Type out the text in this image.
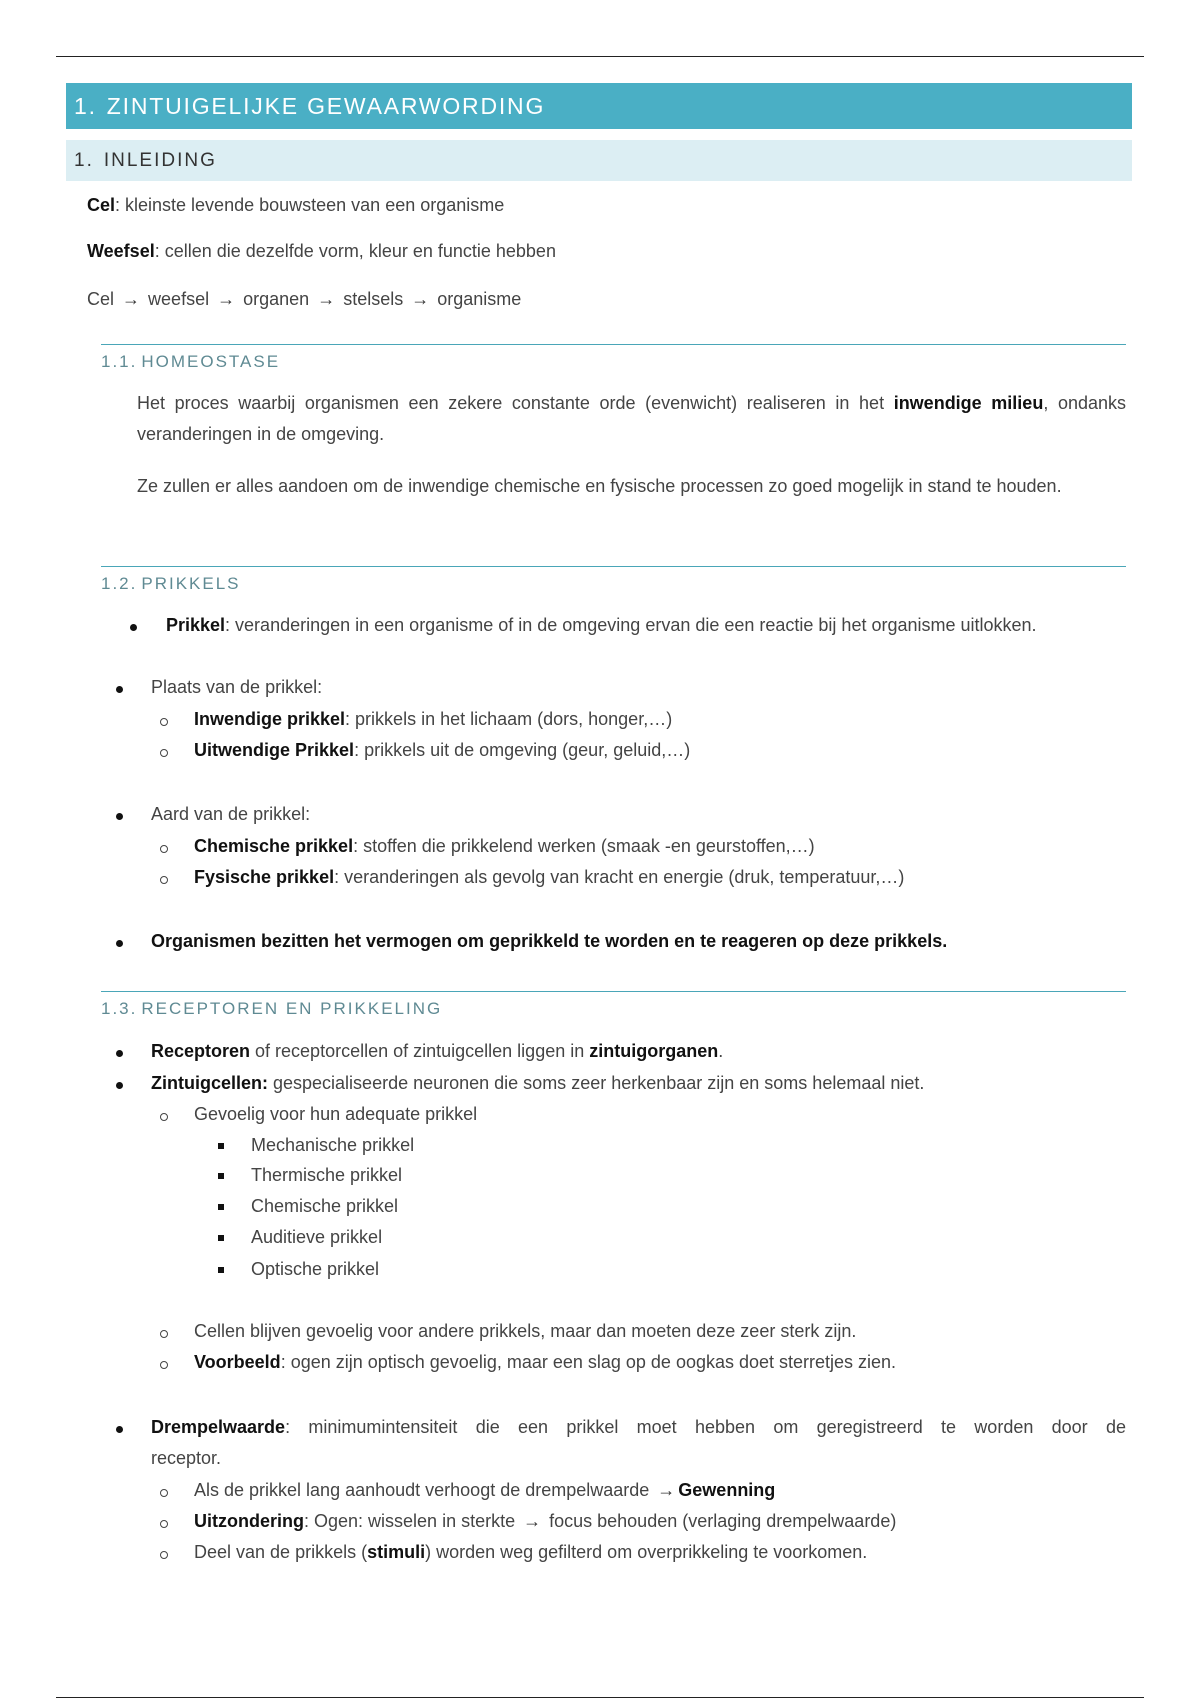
1. ZINTUIGELIJKE GEWAARWORDING
1. INLEIDING
Cel: kleinste levende bouwsteen van een organisme
Weefsel: cellen die dezelfde vorm, kleur en functie hebben
Cel → weefsel → organen → stelsels → organisme
1.1. HOMEOSTASE
Het proces waarbij organismen een zekere constante orde (evenwicht) realiseren in het inwendige milieu, ondanks veranderingen in de omgeving.
Ze zullen er alles aandoen om de inwendige chemische en fysische processen zo goed mogelijk in stand te houden.
1.2. PRIKKELS
Prikkel: veranderingen in een organisme of in de omgeving ervan die een reactie bij het organisme uitlokken.
Plaats van de prikkel:
Inwendige prikkel: prikkels in het lichaam (dors, honger,…)
Uitwendige Prikkel: prikkels uit de omgeving (geur, geluid,…)
Aard van de prikkel:
Chemische prikkel: stoffen die prikkelend werken (smaak -en geurstoffen,…)
Fysische prikkel: veranderingen als gevolg van kracht en energie (druk, temperatuur,…)
Organismen bezitten het vermogen om geprikkeld te worden en te reageren op deze prikkels.
1.3. RECEPTOREN EN PRIKKELING
Receptoren of receptorcellen of zintuigcellen liggen in zintuigorganen.
Zintuigcellen: gespecialiseerde neuronen die soms zeer herkenbaar zijn en soms helemaal niet.
Gevoelig voor hun adequate prikkel
Mechanische prikkel
Thermische prikkel
Chemische prikkel
Auditieve prikkel
Optische prikkel
Cellen blijven gevoelig voor andere prikkels, maar dan moeten deze zeer sterk zijn.
Voorbeeld: ogen zijn optisch gevoelig, maar een slag op de oogkas doet sterretjes zien.
Drempelwaarde: minimumintensiteit die een prikkel moet hebben om geregistreerd te worden door de
receptor.
Als de prikkel lang aanhoudt verhoogt de drempelwaarde → Gewenning
Uitzondering: Ogen: wisselen in sterkte → focus behouden (verlaging drempelwaarde)
Deel van de prikkels (stimuli) worden weg gefilterd om overprikkeling te voorkomen.
